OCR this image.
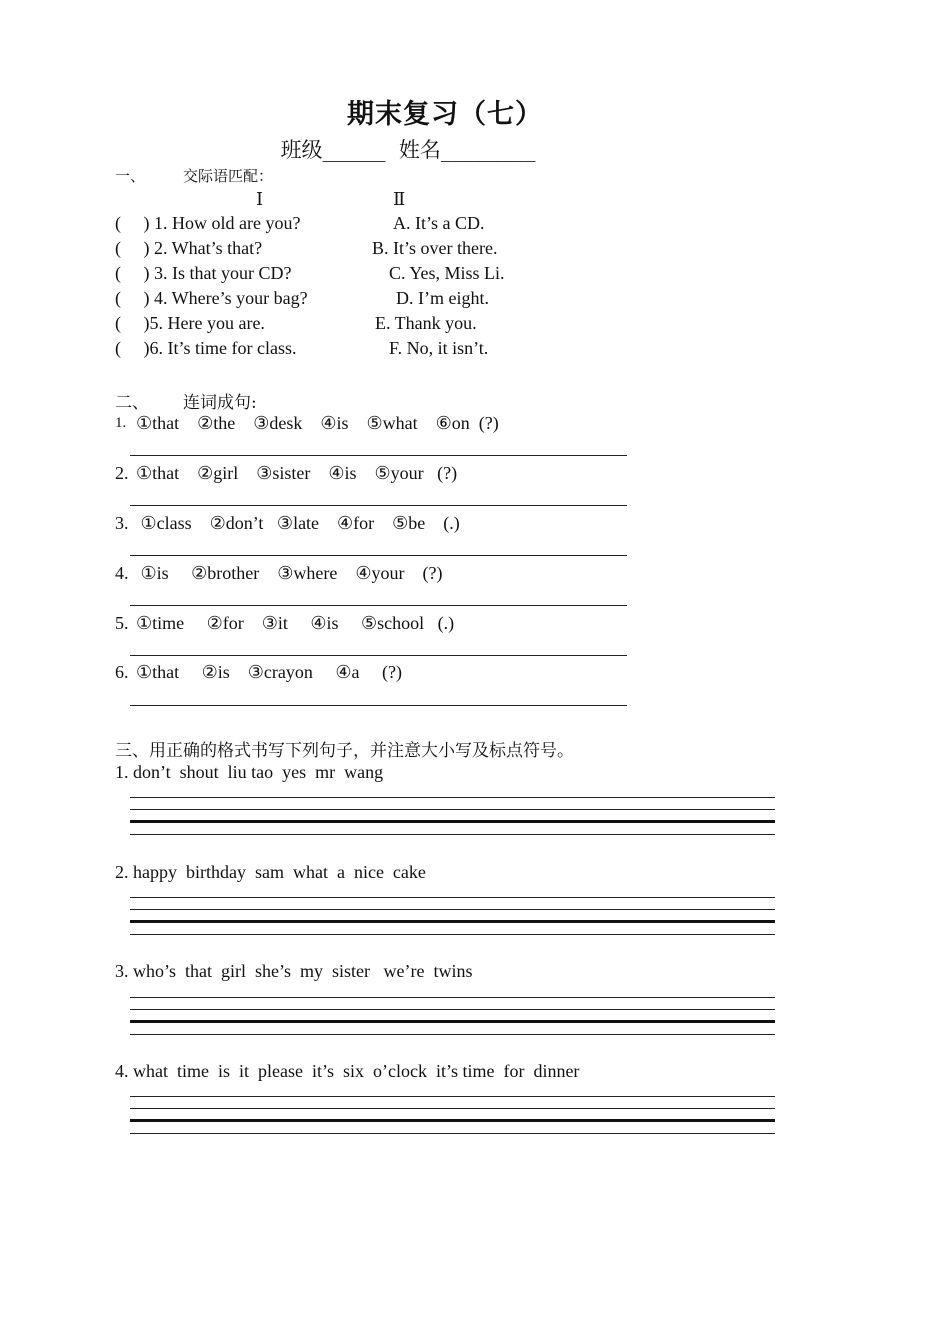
期末复习（七）
班级______  姓名_________
一、	交际语匹配：
Ⅰ	Ⅱ
(     ) 1. How old are you?	A. It’s a CD.
(     ) 2. What’s that?	B. It’s over there.
(     ) 3. Is that your CD?	C. Yes, Miss Li.
(     ) 4. Where’s your bag?	D. I’m eight.
(     )5. Here you are.	E. Thank you.
(     )6. It’s time for class.	F. No, it isn’t.
二、 连词成句:
1. ①that    ②the    ③desk    ④is    ⑤what    ⑥on  (?)
2. ①that    ②girl    ③sister    ④is    ⑤your   (?)
3. ①class    ②don’t   ③late    ④for    ⑤be    (.)
4. ①is     ②brother    ③where    ④your    (?)
5. ①time     ②for    ③it     ④is     ⑤school   (.)
6. ①that     ②is    ③crayon     ④a     (?)
三、用正确的格式书写下列句子，并注意大小写及标点符号。
1. don’t  shout  liu tao  yes  mr  wang
2. happy  birthday  sam  what  a  nice  cake
3. who’s  that  girl  she’s  my  sister   we’re  twins
4. what  time  is  it  please  it’s  six  o’clock  it’s time  for  dinner
